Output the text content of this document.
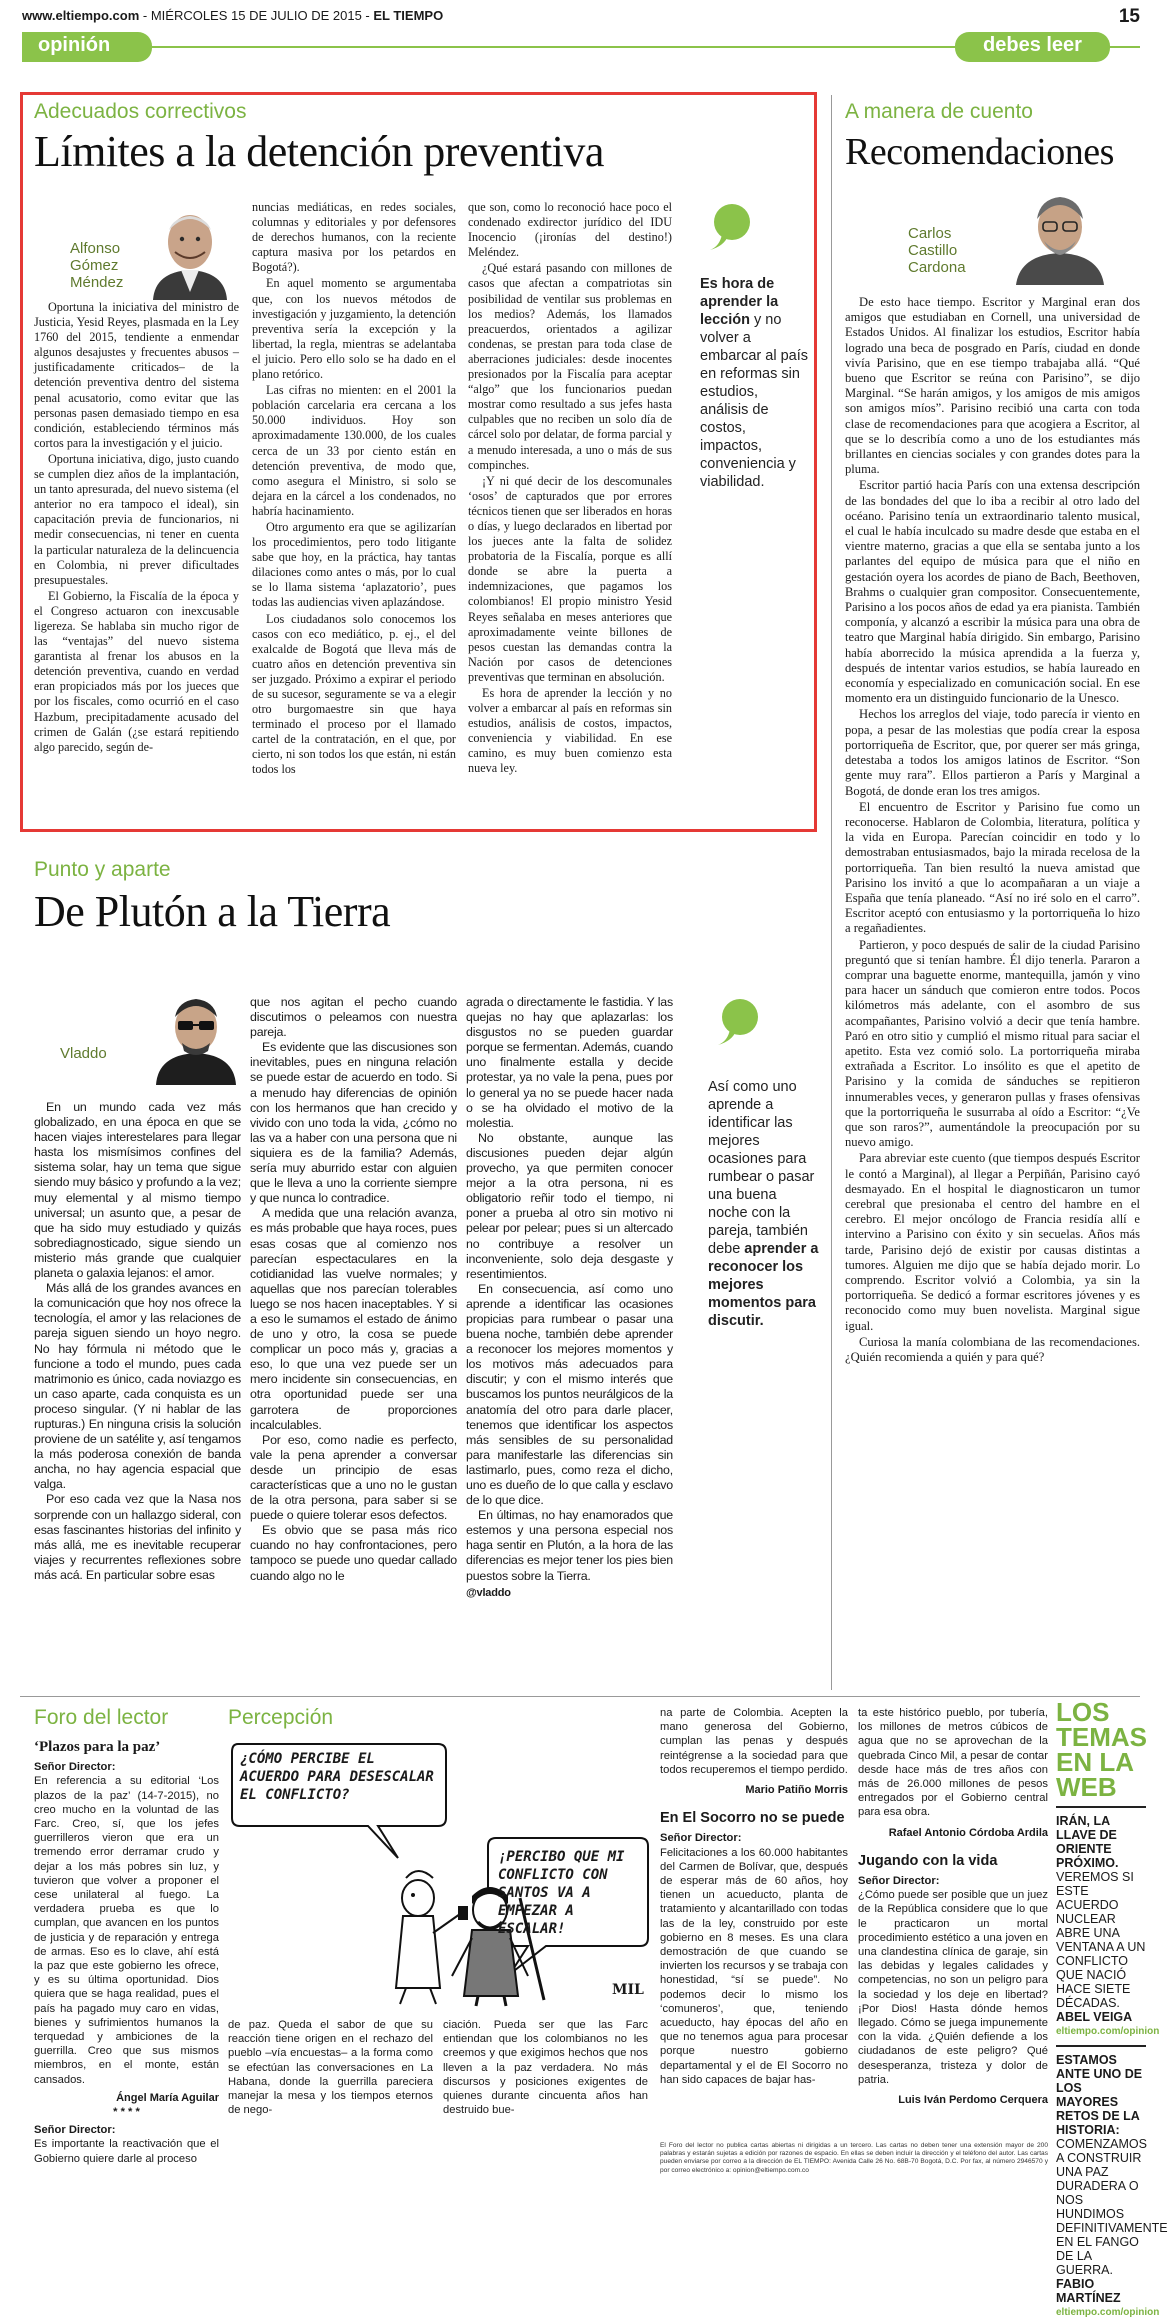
www.eltiempo.com - MIÉRCOLES 15 DE JULIO DE 2015 - EL TIEMPO	15
opinión	debes leer
Adecuados correctivos
Límites a la detención preventiva
Alfonso
Gómez
Méndez

Oportuna la iniciativa del ministro de Justicia, Yesid Reyes, plasmada en la Ley 1760 del 2015, tendiente a enmendar algunos desajustes y frecuentes abusos –justificadamente criticados– de la detención preventiva dentro del sistema penal acusatorio, como evitar que las personas pasen demasiado tiempo en esa condición, estableciendo términos más cortos para la investigación y el juicio.

Oportuna iniciativa, digo, justo cuando se cumplen diez años de la implantación, un tanto apresurada, del nuevo sistema (el anterior no era tampoco el ideal), sin capacitación previa de funcionarios, ni medir consecuencias, ni tener en cuenta la particular naturaleza de la delincuencia en Colombia, ni prever dificultades presupuestales.

El Gobierno, la Fiscalía de la época y el Congreso actuaron con inexcusable ligereza. Se hablaba sin mucho rigor de las “ventajas” del nuevo sistema garantista al frenar los abusos en la detención preventiva, cuando en verdad eran propiciados más por los jueces que por los fiscales, como ocurrió en el caso Hazbum, precipitadamente acusado del crimen de Galán (¿se estará repitiendo algo parecido, según de-

nuncias mediáticas, en redes sociales, columnas y editoriales y por defensores de derechos humanos, con la reciente captura masiva por los petardos en Bogotá?).

En aquel momento se argumentaba que, con los nuevos métodos de investigación y juzgamiento, la detención preventiva sería la excepción y la libertad, la regla, mientras se adelantaba el juicio. Pero ello solo se ha dado en el plano retórico.

Las cifras no mienten: en el 2001 la población carcelaria era cercana a los 50.000 individuos. Hoy son aproximadamente 130.000, de los cuales cerca de un 33 por ciento están en detención preventiva, de modo que, como asegura el Ministro, si solo se dejara en la cárcel a los condenados, no habría hacinamiento.

Otro argumento era que se agilizarían los procedimientos, pero todo litigante sabe que hoy, en la práctica, hay tantas dilaciones como antes o más, por lo cual se lo llama sistema ‘aplazatorio’, pues todas las audiencias viven aplazándose.

Los ciudadanos solo conocemos los casos con eco mediático, p. ej., el del exalcalde de Bogotá que lleva más de cuatro años en detención preventiva sin ser juzgado. Próximo a expirar el periodo de su sucesor, seguramente se va a elegir otro burgomaestre sin que haya terminado el proceso por el llamado cartel de la contratación, en el que, por cierto, ni son todos los que están, ni están todos los

que son, como lo reconoció hace poco el condenado exdirector jurídico del IDU Inocencio (¡ironías del destino!) Meléndez.

¿Qué estará pasando con millones de casos que afectan a compatriotas sin posibilidad de ventilar sus problemas en los medios? Además, los llamados preacuerdos, orientados a agilizar condenas, se prestan para toda clase de aberraciones judiciales: desde inocentes presionados por la Fiscalía para aceptar “algo” que los funcionarios puedan mostrar como resultado a sus jefes hasta culpables que no reciben un solo día de cárcel solo por delatar, de forma parcial y a menudo interesada, a uno o más de sus compinches.

¡Y ni qué decir de los descomunales ‘osos’ de capturados que por errores técnicos tienen que ser liberados en horas o días, y luego declarados en libertad por los jueces ante la falta de solidez probatoria de la Fiscalía, porque es allí donde se abre la puerta a indemnizaciones, que pagamos los colombianos! El propio ministro Yesid Reyes señalaba en meses anteriores que aproximadamente veinte billones de pesos cuestan las demandas contra la Nación por casos de detenciones preventivas que terminan en absolución.

Es hora de aprender la lección y no volver a embarcar al país en reformas sin estudios, análisis de costos, impactos, conveniencia y viabilidad. En ese camino, es muy buen comienzo esta nueva ley.

Es hora de aprender la lección y no volver a embarcar al país en reformas sin estudios, análisis de costos, impactos, conveniencia y viabilidad.
Punto y aparte
De Plutón a la Tierra
Vladdo

En un mundo cada vez más globalizado, en una época en que se hacen viajes interestelares para llegar hasta los mismísimos confines del sistema solar, hay un tema que sigue siendo muy básico y profundo a la vez; muy elemental y al mismo tiempo universal; un asunto que, a pesar de que ha sido muy estudiado y quizás sobrediagnosticado, sigue siendo un misterio más grande que cualquier planeta o galaxia lejanos: el amor.

Más allá de los grandes avances en la comunicación que hoy nos ofrece la tecnología, el amor y las relaciones de pareja siguen siendo un hoyo negro. No hay fórmula ni método que le funcione a todo el mundo, pues cada matrimonio es único, cada noviazgo es un caso aparte, cada conquista es un proceso singular. (Y ni hablar de las rupturas.) En ninguna crisis la solución proviene de un satélite y, así tengamos la más poderosa conexión de banda ancha, no hay agencia espacial que valga.

Por eso cada vez que la Nasa nos sorprende con un hallazgo sideral, con esas fascinantes historias del infinito y más allá, me es inevitable recuperar viajes y recurrentes reflexiones sobre más acá. En particular sobre esas

que nos agitan el pecho cuando discutimos o peleamos con nuestra pareja.

Es evidente que las discusiones son inevitables, pues en ninguna relación se puede estar de acuerdo en todo. Si a menudo hay diferencias de opinión con los hermanos que han crecido y vivido con uno toda la vida, ¿cómo no las va a haber con una persona que ni siquiera es de la familia? Además, sería muy aburrido estar con alguien que le lleva a uno la corriente siempre y que nunca lo contradice.

A medida que una relación avanza, es más probable que haya roces, pues esas cosas que al comienzo nos parecían espectaculares en la cotidianidad las vuelve normales; y aquellas que nos parecían tolerables luego se nos hacen inaceptables. Y si a eso le sumamos el estado de ánimo de uno y otro, la cosa se puede complicar un poco más y, gracias a eso, lo que una vez puede ser un mero incidente sin consecuencias, en otra oportunidad puede ser una garrotera de proporciones incalculables.

Por eso, como nadie es perfecto, vale la pena aprender a conversar desde un principio de esas características que a uno no le gustan de la otra persona, para saber si se puede o quiere tolerar esos defectos.

Es obvio que se pasa más rico cuando no hay confrontaciones, pero tampoco se puede uno quedar callado cuando algo no le

agrada o directamente le fastidia. Y las quejas no hay que aplazarlas: los disgustos no se pueden guardar porque se fermentan. Además, cuando uno finalmente estalla y decide protestar, ya no vale la pena, pues por lo general ya no se puede hacer nada o se ha olvidado el motivo de la molestia.

No obstante, aunque las discusiones pueden dejar algún provecho, ya que permiten conocer mejor a la otra persona, ni es obligatorio reñir todo el tiempo, ni poner a prueba al otro sin motivo ni pelear por pelear; pues si un altercado no contribuye a resolver un inconveniente, solo deja desgaste y resentimientos.

En consecuencia, así como uno aprende a identificar las ocasiones propicias para rumbear o pasar una buena noche, también debe aprender a reconocer los mejores momentos y los motivos más adecuados para discutir; y con el mismo interés que buscamos los puntos neurálgicos de la anatomía del otro para darle placer, tenemos que identificar los aspectos más sensibles de su personalidad para manifestarle las diferencias sin lastimarlo, pues, como reza el dicho, uno es dueño de lo que calla y esclavo de lo que dice.

En últimas, no hay enamorados que estemos y una persona especial nos haga sentir en Plutón, a la hora de las diferencias es mejor tener los pies bien puestos sobre la Tierra.

@vladdo
Así como uno aprende a identificar las mejores ocasiones para rumbear o pasar una buena noche con la pareja, también debe aprender a reconocer los mejores momentos para discutir.
A manera de cuento
Recomendaciones
Carlos
Castillo
Cardona

De esto hace tiempo. Escritor y Marginal eran dos amigos que estudiaban en Cornell, una universidad de Estados Unidos. Al finalizar los estudios, Escritor había logrado una beca de posgrado en París, ciudad en donde vivía Parisino, que en ese tiempo trabajaba allá. “Qué bueno que Escritor se reúna con Parisino”, se dijo Marginal. “Se harán amigos, y los amigos de mis amigos son amigos míos”. Parisino recibió una carta con toda clase de recomendaciones para que acogiera a Escritor, al que se lo describía como a uno de los estudiantes más brillantes en ciencias sociales y con grandes dotes para la pluma.

Escritor partió hacia París con una extensa descripción de las bondades del que lo iba a recibir al otro lado del océano. Parisino tenía un extraordinario talento musical, el cual le había inculcado su madre desde que estaba en el vientre materno, gracias a que ella se sentaba junto a los parlantes del equipo de música para que el niño en gestación oyera los acordes de piano de Bach, Beethoven, Brahms o cualquier gran compositor. Consecuentemente, Parisino a los pocos años de edad ya era pianista. También componía, y alcanzó a escribir la música para una obra de teatro que Marginal había dirigido. Sin embargo, Parisino había aborrecido la música aprendida a la fuerza y, después de intentar varios estudios, se había laureado en economía y especializado en comunicación social. En ese momento era un distinguido funcionario de la Unesco.

Hechos los arreglos del viaje, todo parecía ir viento en popa, a pesar de las molestias que podía crear la esposa portorriqueña de Escritor, que, por querer ser más gringa, detestaba a todos los amigos latinos de Escritor. “Son gente muy rara”. Ellos partieron a París y Marginal a Bogotá, de donde eran los tres amigos.

El encuentro de Escritor y Parisino fue como un reconocerse. Hablaron de Colombia, literatura, política y la vida en Europa. Parecían coincidir en todo y lo demostraban entusiasmados, bajo la mirada recelosa de la portorriqueña. Tan bien resultó la nueva amistad que Parisino los invitó a que lo acompañaran a un viaje a España que tenía planeado. “Así no iré solo en el carro”. Escritor aceptó con entusiasmo y la portorriqueña lo hizo a regañadientes.

Partieron, y poco después de salir de la ciudad Parisino preguntó que si tenían hambre. Él dijo tenerla. Pararon a comprar una baguette enorme, mantequilla, jamón y vino para hacer un sánduch que comieron entre todos. Pocos kilómetros más adelante, con el asombro de sus acompañantes, Parisino volvió a decir que tenía hambre. Paró en otro sitio y cumplió el mismo ritual para saciar el apetito. Esta vez comió solo. La portorriqueña miraba extrañada a Escritor. Lo insólito es que el apetito de Parisino y la comida de sánduches se repitieron innumerables veces, y generaron pullas y frases ofensivas que la portorriqueña le susurraba al oído a Escritor: “¿Ve que son raros?”, aumentándole la preocupación por su nuevo amigo.

Para abreviar este cuento (que tiempos después Escritor le contó a Marginal), al llegar a Perpiñán, Parisino cayó desmayado. En el hospital le diagnosticaron un tumor cerebral que presionaba el centro del hambre en el cerebro. El mejor oncólogo de Francia residía allí e intervino a Parisino con éxito y sin secuelas. Años más tarde, Parisino dejó de existir por causas distintas a tumores. Alguien me dijo que se había dejado morir. Lo comprendo. Escritor volvió a Colombia, ya sin la portorriqueña. Se dedicó a formar escritores jóvenes y es reconocido como muy buen novelista. Marginal sigue igual.

Curiosa la manía colombiana de las recomendaciones. ¿Quién recomienda a quién y para qué?

Foro del lector
‘Plazos para la paz’
Señor Director:
En referencia a su editorial ‘Los plazos de la paz’ (14-7-2015), no creo mucho en la voluntad de las Farc. Creo, sí, que los jefes guerrilleros vieron que era un tremendo error derramar crudo y dejar a los más pobres sin luz, y tuvieron que volver a proponer el cese unilateral al fuego. La verdadera prueba es que lo cumplan, que avancen en los puntos de justicia y de reparación y entrega de armas. Eso es lo clave, ahí está la paz que este gobierno les ofrece, y es su última oportunidad. Dios quiera que se haga realidad, pues el país ha pagado muy caro en vidas, bienes y sufrimientos humanos la terquedad y ambiciones de la guerrilla. Creo que sus mismos miembros, en el monte, están cansados.
Ángel María Aguilar
* * * *
Señor Director:
Es importante la reactivación que el Gobierno quiere darle al proceso
Percepción
¿CÓMO PERCIBE EL ACUERDO PARA DESESCALAR EL CONFLICTO?
¡PERCIBO QUE MI CONFLICTO CON SANTOS VA A EMPEZAR A ESCALAR!
MIL
de paz. Queda el sabor de que su reacción tiene origen en el rechazo del pueblo –vía encuestas– a la forma como se efectúan las conversaciones en La Habana, donde la guerrilla pareciera manejar la mesa y los tiempos eternos de nego-
ciación. Pueda ser que las Farc entiendan que los colombianos no les creemos y que exigimos hechos que nos lleven a la paz verdadera. No más discursos y posiciones exigentes de quienes durante cincuenta años han destruido bue-
na parte de Colombia. Acepten la mano generosa del Gobierno, cumplan las penas y después reintégrense a la sociedad para que todos recuperemos el tiempo perdido.
Mario Patiño Morris
En El Socorro no se puede
Señor Director:
Felicitaciones a los 60.000 habitantes del Carmen de Bolívar, que, después de esperar más de 60 años, hoy tienen un acueducto, planta de tratamiento y alcantarillado con todas las de la ley, construido por este gobierno en 8 meses. Es una clara demostración de que cuando se invierten los recursos y se trabaja con honestidad, “sí se puede”. No podemos decir lo mismo los ‘comuneros’, que, teniendo acueducto, hay épocas del año en que no tenemos agua para procesar porque nuestro gobierno departamental y el de El Socorro no han sido capaces de bajar has-
ta este histórico pueblo, por tubería, los millones de metros cúbicos de agua que no se aprovechan de la quebrada Cinco Mil, a pesar de contar desde hace más de tres años con más de 26.000 millones de pesos entregados por el Gobierno central para esa obra.
Rafael Antonio Córdoba Ardila
Jugando con la vida
Señor Director:
¿Cómo puede ser posible que un juez de la República considere que lo que le practicaron un mortal procedimiento estético a una joven en una clandestina clínica de garaje, sin las debidas y legales calidades y competencias, no son un peligro para la sociedad y los deje en libertad? ¡Por Dios! Hasta dónde hemos llegado. Cómo se juega impunemente con la vida. ¿Quién defiende a los ciudadanos de este peligro? Qué desesperanza, tristeza y dolor de patria.
Luis Iván Perdomo Cerquera
El Foro del lector no publica cartas abiertas ni dirigidas a un tercero. Las cartas no deben tener una extensión mayor de 200 palabras y estarán sujetas a edición por razones de espacio. En ellas se deben incluir la dirección y el teléfono del autor. Las cartas pueden enviarse por correo a la dirección de EL TIEMPO: Avenida Calle 26 No. 68B-70 Bogotá, D.C. Por fax, al número 2946570 y por correo electrónico a: opinion@eltiempo.com.co
LOS
TEMAS
EN LA
WEB
IRÁN, LA LLAVE DE ORIENTE PRÓXIMO.
VEREMOS SI ESTE ACUERDO NUCLEAR ABRE UNA VENTANA A UN CONFLICTO QUE NACIÓ HACE SIETE DÉCADAS.
ABEL VEIGA
eltiempo.com/opinion
ESTAMOS ANTE UNO DE LOS MAYORES RETOS DE LA HISTORIA:
COMENZAMOS A CONSTRUIR UNA PAZ DURADERA O NOS HUNDIMOS DEFINITIVAMENTE EN EL FANGO DE LA GUERRA.
FABIO MARTÍNEZ
eltiempo.com/opinion
